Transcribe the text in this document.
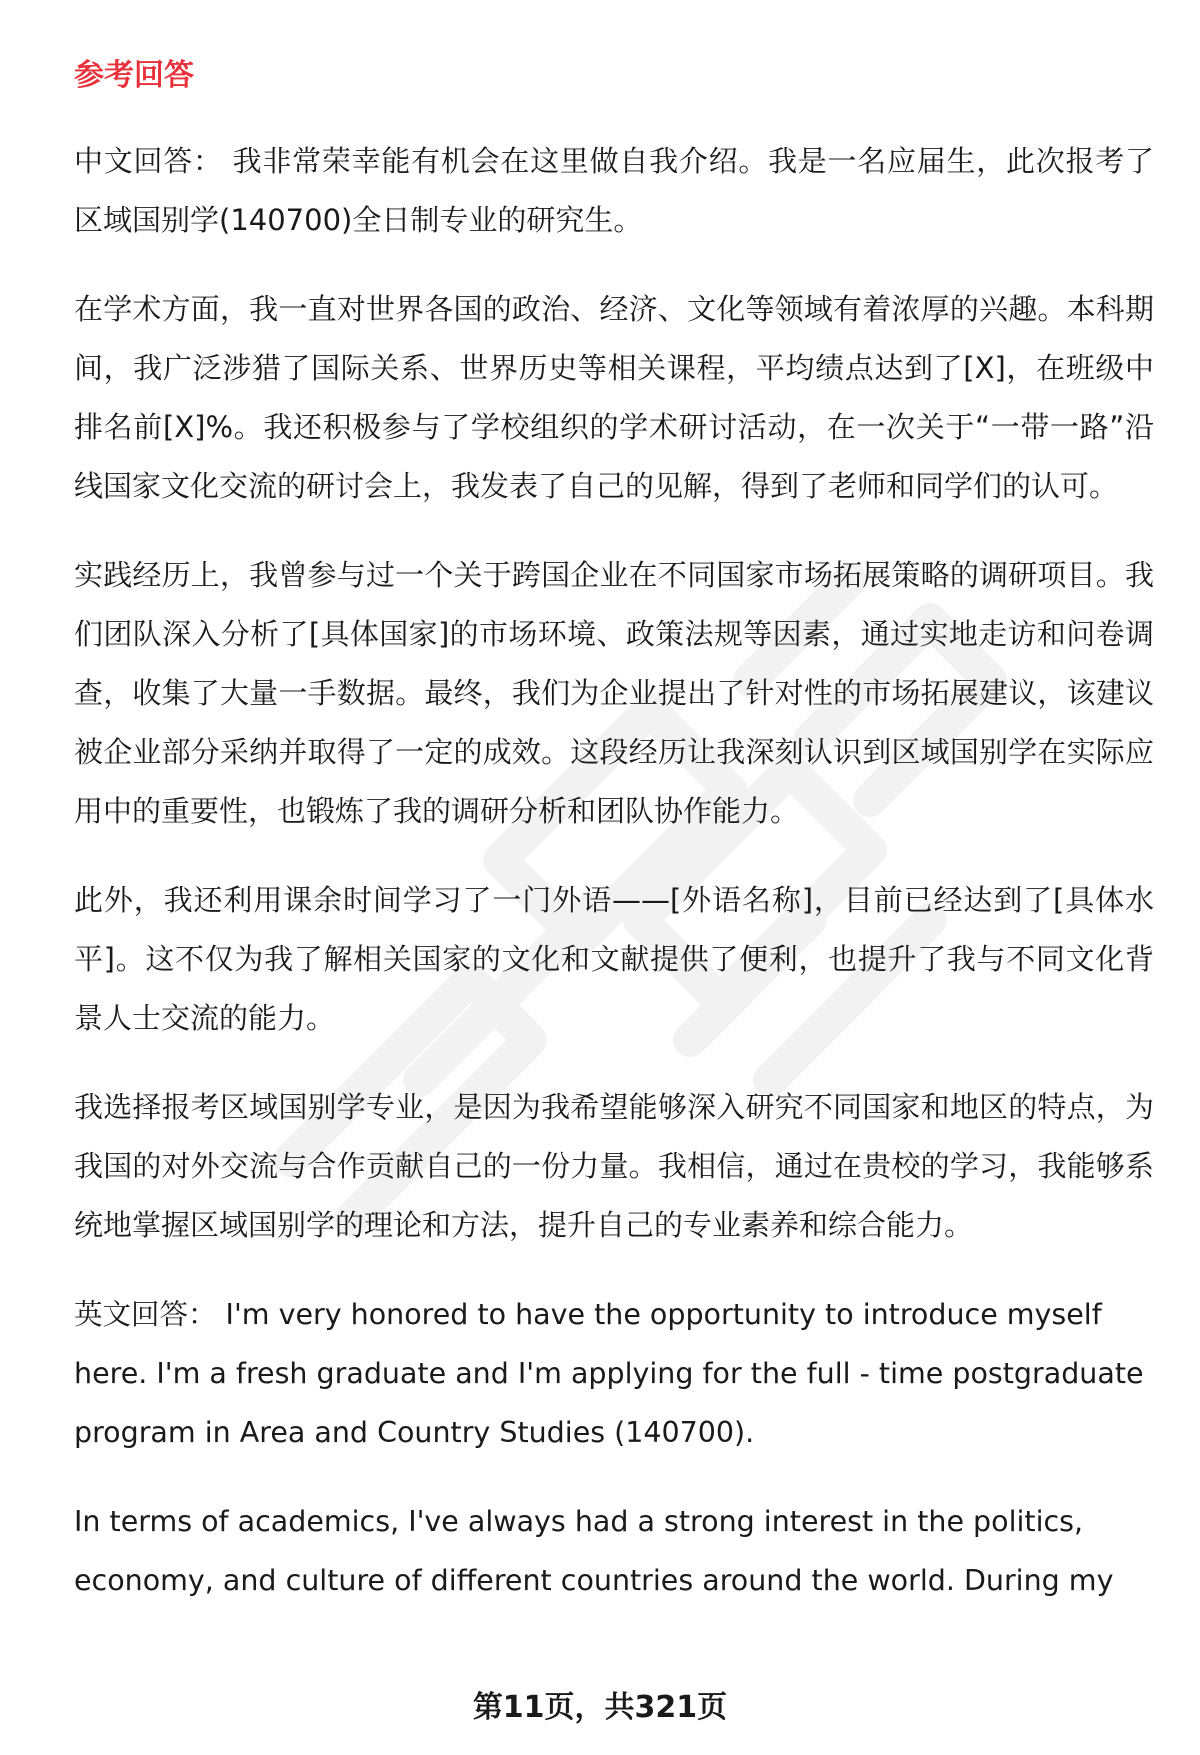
参考回答

中文回答： 我非常荣幸能有机会在这里做自我介绍。我是一名应届生，此次报考了区域国别学(140700)全日制专业的研究生。

在学术方面，我一直对世界各国的政治、经济、文化等领域有着浓厚的兴趣。本科期间，我广泛涉猎了国际关系、世界历史等相关课程，平均绩点达到了[X]，在班级中排名前[X]%。我还积极参与了学校组织的学术研讨活动，在一次关于“一带一路”沿线国家文化交流的研讨会上，我发表了自己的见解，得到了老师和同学们的认可。

实践经历上，我曾参与过一个关于跨国企业在不同国家市场拓展策略的调研项目。我们团队深入分析了[具体国家]的市场环境、政策法规等因素，通过实地走访和问卷调查，收集了大量一手数据。最终，我们为企业提出了针对性的市场拓展建议，该建议被企业部分采纳并取得了一定的成效。这段经历让我深刻认识到区域国别学在实际应用中的重要性，也锻炼了我的调研分析和团队协作能力。

此外，我还利用课余时间学习了一门外语——[外语名称]，目前已经达到了[具体水平]。这不仅为我了解相关国家的文化和文献提供了便利，也提升了我与不同文化背景人士交流的能力。

我选择报考区域国别学专业，是因为我希望能够深入研究不同国家和地区的特点，为我国的对外交流与合作贡献自己的一份力量。我相信，通过在贵校的学习，我能够系统地掌握区域国别学的理论和方法，提升自己的专业素养和综合能力。

英文回答： I'm very honored to have the opportunity to introduce myself here. I'm a fresh graduate and I'm applying for the full - time postgraduate program in Area and Country Studies (140700).

In terms of academics, I've always had a strong interest in the politics, economy, and culture of different countries around the world. During my

第11页，共321页
